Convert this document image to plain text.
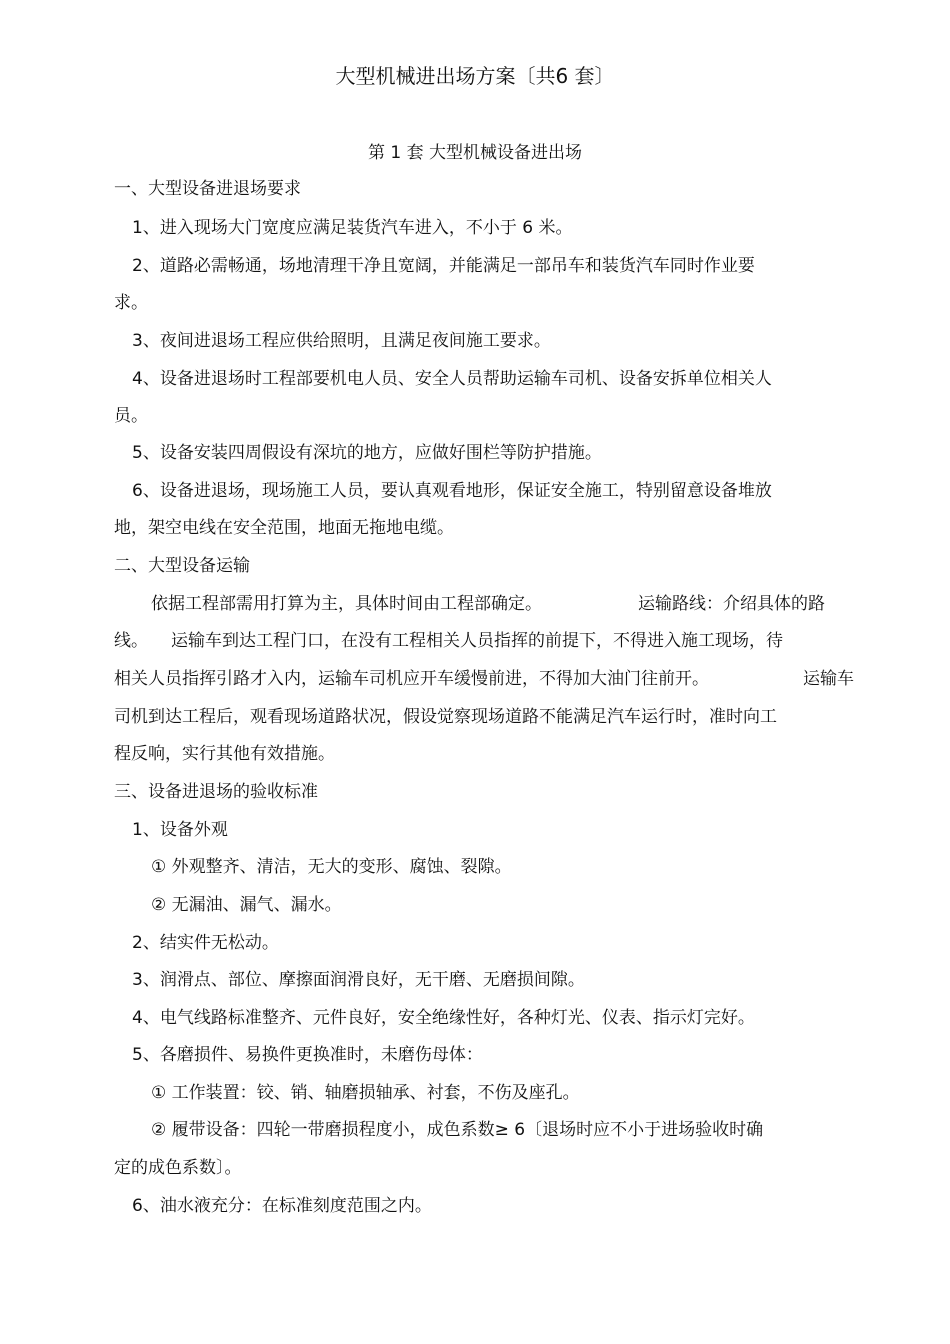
大型机械进出场方案〔共6 套〕
第 1 套 大型机械设备进出场

一、大型设备进退场要求

1、进入现场大门宽度应满足装货汽车进入，不小于 6 米。

2、道路必需畅通，场地清理干净且宽阔，并能满足一部吊车和装货汽车同时作业要

求。

3、夜间进退场工程应供给照明，且满足夜间施工要求。

4、设备进退场时工程部要机电人员、安全人员帮助运输车司机、设备安拆单位相关人

员。

5、设备安装四周假设有深坑的地方，应做好围栏等防护措施。

6、设备进退场，现场施工人员，要认真观看地形，保证安全施工，特别留意设备堆放

地，架空电线在安全范围，地面无拖地电缆。

二、大型设备运输

依据工程部需用打算为主，具体时间由工程部确定。	运输路线：介绍具体的路

线。 运输车到达工程门口，在没有工程相关人员指挥的前提下，不得进入施工现场，待

相关人员指挥引路才入内，运输车司机应开车缓慢前进，不得加大油门往前开。	运输车

司机到达工程后，观看现场道路状况，假设觉察现场道路不能满足汽车运行时，准时向工

程反响，实行其他有效措施。

三、设备进退场的验收标准

1、设备外观

① 外观整齐、清洁，无大的变形、腐蚀、裂隙。

② 无漏油、漏气、漏水。

2、结实件无松动。

3、润滑点、部位、摩擦面润滑良好，无干磨、无磨损间隙。

4、电气线路标准整齐、元件良好，安全绝缘性好，各种灯光、仪表、指示灯完好。

5、各磨损件、易换件更换准时，未磨伤母体：

① 工作装置：铰、销、轴磨损轴承、衬套，不伤及座孔。

② 履带设备：四轮一带磨损程度小，成色系数≥ 6〔退场时应不小于进场验收时确

定的成色系数〕。

6、油水液充分：在标准刻度范围之内。
